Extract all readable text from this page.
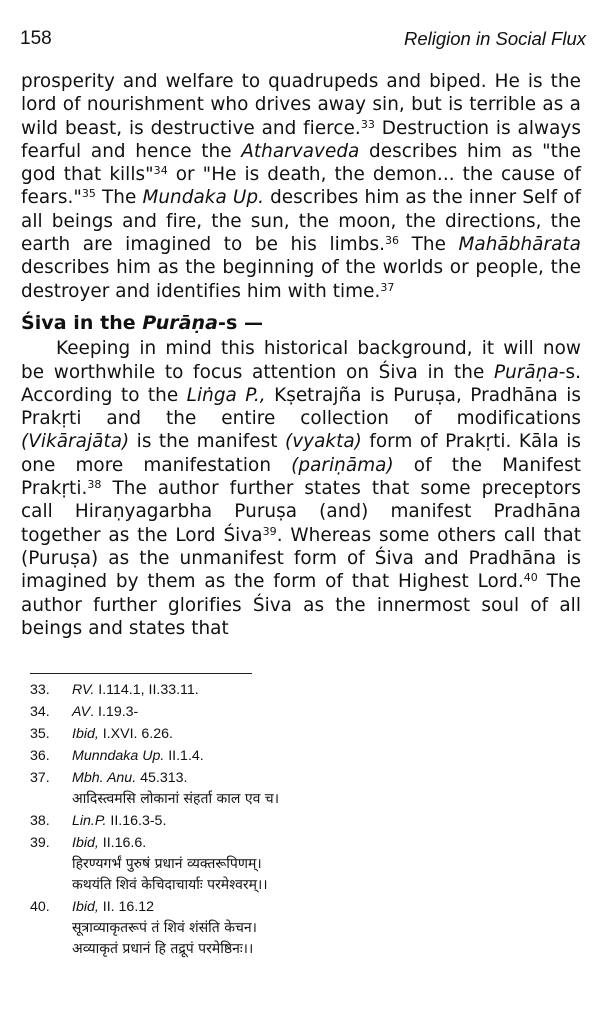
158	Religion in Social Flux

prosperity and welfare to quadrupeds and biped. He is the lord of nourishment who drives away sin, but is terrible as a wild beast, is destructive and fierce.$^{33}$ Destruction is always fearful and hence the Atharvaveda describes him as "the god that kills"$^{34}$ or "He is death, the demon... the cause of fears."$^{35}$ The Mundaka Up. describes him as the inner Self of all beings and fire, the sun, the moon, the directions, the earth are imagined to be his limbs.$^{36}$ The Mahābhārata describes him as the beginning of the worlds or people, the destroyer and identifies him with time.$^{37}$

Śiva in the Purāṇa-s —

Keeping in mind this historical background, it will now be worthwhile to focus attention on Śiva in the Purāṇa-s. According to the Liṅga P., Kṣetrajña is Puruṣa, Pradhāna is Prakṛti and the entire collection of modifications (Vikārajāta) is the manifest (vyakta) form of Prakṛti. Kāla is one more manifestation (pariṇāma) of the Manifest Prakṛti.$^{38}$ The author further states that some preceptors call Hiraṇyagarbha Puruṣa (and) manifest Pradhāna together as the Lord Śiva$^{39}$. Whereas some others call that (Puruṣa) as the unmanifest form of Śiva and Pradhāna is imagined by them as the form of that Highest Lord.$^{40}$ The author further glorifies Śiva as the innermost soul of all beings and states that

33. RV. I.114.1, II.33.11.
34. AV. I.19.3-
35. Ibid, I.XVI. 6.26.
36. Munndaka Up. II.1.4.
37. Mbh. Anu. 45.313.
आदिस्त्वमसि लोकानां संहर्ता काल एव च।
38. Lin.P. II.16.3-5.
39. Ibid, II.16.6.
हिरण्यगर्भं पुरुषं प्रधानं व्यक्तरूपिणम्।
कथयंति शिवं केचिदाचार्याः परमेश्वरम्।।
40. Ibid, II. 16.12
सूत्राव्याकृतरूपं तं शिवं शंसंति केचन।
अव्याकृतं प्रधानं हि तद्रूपं परमेष्ठिनः।।
